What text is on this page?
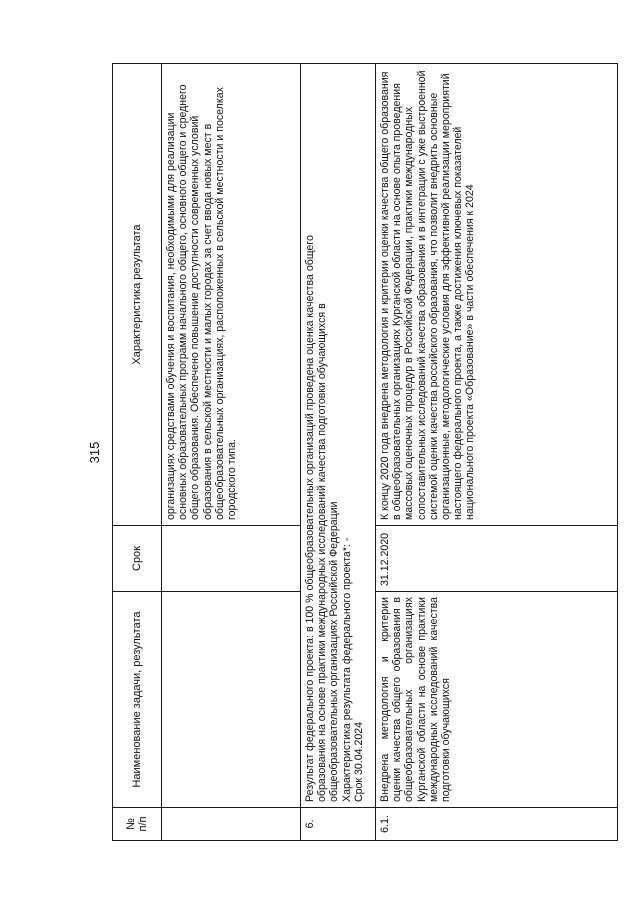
315
№ п/п	Наименование задачи, результата	Срок	Характеристика результата
			организациях средствами обучения и воспитания, необходимыми для реализации основных образовательных программ начального общего, основного общего и среднего общего образования. Обеспечено повышение доступности современных условий образования в сельской местности и малых городах за счет ввода новых мест в общеобразовательных организациях, расположенных в сельской местности и поселках городского типа.
6.	Результат федерального проекта: в 100 % общеобразовательных организаций проведена оценка качества общего образования на основе практики международных исследований качества подготовки обучающихся в общеобразовательных организациях Российской Федерации Характеристика результата федерального проекта*: - Срок 30.04.2024		

6.1.	Внедрена методология и критерии оценки качества общего образования в общеобразовательных организациях Курганской области на основе практики международных исследований качества подготовки обучающихся	31.12.2020	К концу 2020 года внедрена методология и критерии оценки качества общего образования в общеобразовательных организациях Курганской области на основе опыта проведения массовых оценочных процедур в Российской Федерации, практики международных сопоставительных исследований качества образования и в интеграции с уже выстроенной системой оценки качества российского образования, что позволит внедрить основные организационные, методологические условия для эффективной реализации мероприятий настоящего федерального проекта, а также достижения ключевых показателей национального проекта «Образование» в части обеспечения к 2024
